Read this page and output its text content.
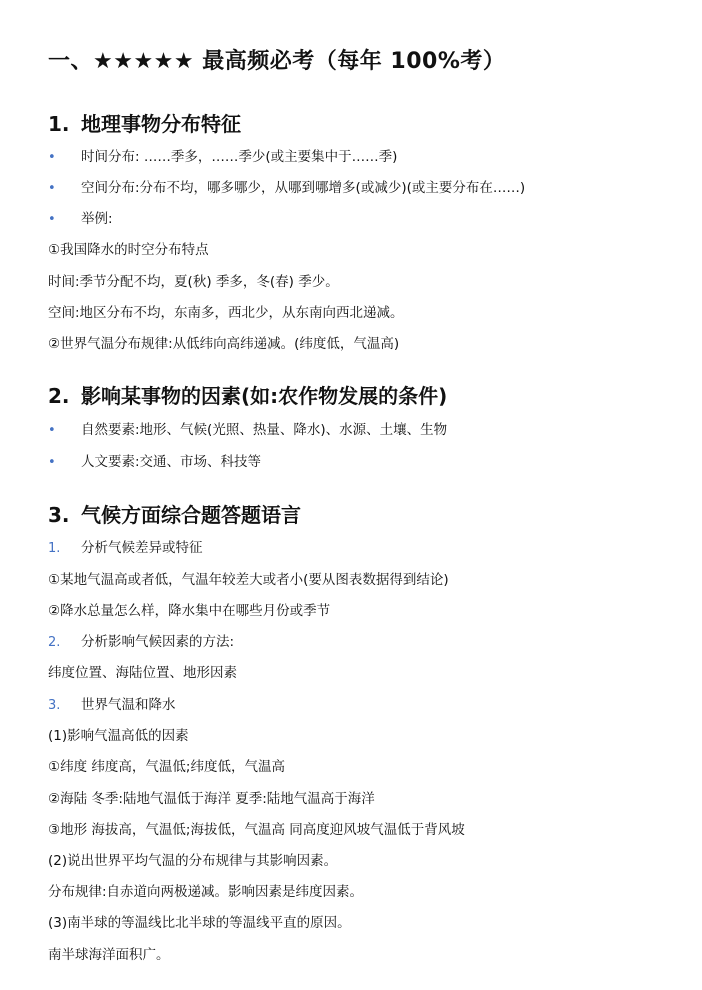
一、★★★★★ 最高频必考（每年 100%考）
1. 地理事物分布特征
• 时间分布: ……季多，……季少(或主要集中于……季)
• 空间分布:分布不均，哪多哪少，从哪到哪增多(或减少)(或主要分布在……)
• 举例:
①我国降水的时空分布特点
时间:季节分配不均，夏(秋) 季多，冬(春) 季少。
空间:地区分布不均，东南多，西北少，从东南向西北递减。
②世界气温分布规律:从低纬向高纬递减。(纬度低，气温高)
2. 影响某事物的因素(如:农作物发展的条件)
• 自然要素:地形、气候(光照、热量、降水)、水源、土壤、生物
• 人文要素:交通、市场、科技等
3. 气候方面综合题答题语言
1. 分析气候差异或特征
①某地气温高或者低，气温年较差大或者小(要从图表数据得到结论)
②降水总量怎么样，降水集中在哪些月份或季节
2. 分析影响气候因素的方法:
纬度位置、海陆位置、地形因素
3. 世界气温和降水
(1)影响气温高低的因素
①纬度 纬度高，气温低;纬度低，气温高
②海陆 冬季:陆地气温低于海洋 夏季:陆地气温高于海洋
③地形 海拔高，气温低;海拔低，气温高 同高度迎风坡气温低于背风坡
(2)说出世界平均气温的分布规律与其影响因素。
分布规律:自赤道向两极递减。影响因素是纬度因素。
(3)南半球的等温线比北半球的等温线平直的原因。
南半球海洋面积广。
